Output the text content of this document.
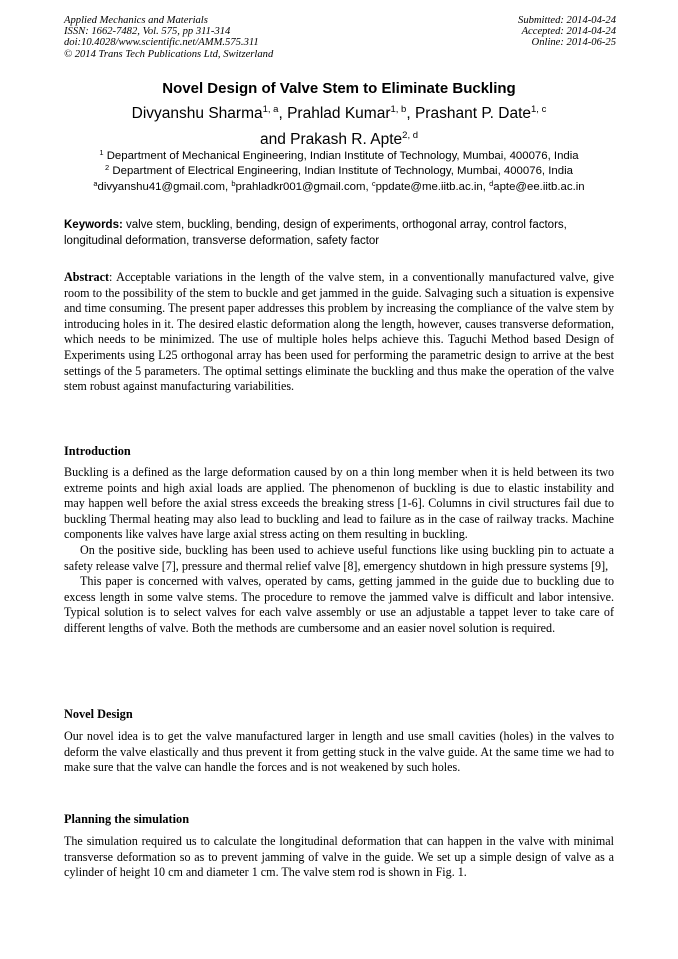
Applied Mechanics and Materials
ISSN: 1662-7482, Vol. 575, pp 311-314
doi:10.4028/www.scientific.net/AMM.575.311
© 2014 Trans Tech Publications Ltd, Switzerland
Submitted: 2014-04-24
Accepted: 2014-04-24
Online: 2014-06-25
Novel Design of Valve Stem to Eliminate Buckling
Divyanshu Sharma$^{1, a}$, Prahlad Kumar$^{1, b}$, Prashant P. Date$^{1, c}$
and Prakash R. Apte$^{2, d}$
$^1$ Department of Mechanical Engineering, Indian Institute of Technology, Mumbai, 400076, India
$^2$ Department of Electrical Engineering, Indian Institute of Technology, Mumbai, 400076, India
$^a$divyanshu41@gmail.com, $^b$prahladkr001@gmail.com, $^c$ppdate@me.iitb.ac.in, $^d$apte@ee.iitb.ac.in
Keywords: valve stem, buckling, bending, design of experiments, orthogonal array, control factors, longitudinal deformation, transverse deformation, safety factor
Abstract: Acceptable variations in the length of the valve stem, in a conventionally manufactured valve, give room to the possibility of the stem to buckle and get jammed in the guide. Salvaging such a situation is expensive and time consuming. The present paper addresses this problem by increasing the compliance of the valve stem by introducing holes in it. The desired elastic deformation along the length, however, causes transverse deformation, which needs to be minimized. The use of multiple holes helps achieve this. Taguchi Method based Design of Experiments using L25 orthogonal array has been used for performing the parametric design to arrive at the best settings of the 5 parameters. The optimal settings eliminate the buckling and thus make the operation of the valve stem robust against manufacturing variabilities.
Introduction

Buckling is a defined as the large deformation caused by on a thin long member when it is held between its two extreme points and high axial loads are applied. The phenomenon of buckling is due to elastic instability and may happen well before the axial stress exceeds the breaking stress [1-6]. Columns in civil structures fail due to buckling Thermal heating may also lead to buckling and lead to failure as in the case of railway tracks. Machine components like valves have large axial stress acting on them resulting in buckling.

On the positive side, buckling has been used to achieve useful functions like using buckling pin to actuate a safety release valve [7], pressure and thermal relief valve [8], emergency shutdown in high pressure systems [9],

This paper is concerned with valves, operated by cams, getting jammed in the guide due to buckling due to excess length in some valve stems. The procedure to remove the jammed valve is difficult and labor intensive. Typical solution is to select valves for each valve assembly or use an adjustable a tappet lever to take care of different lengths of valve. Both the methods are cumbersome and an easier novel solution is required.

Novel Design

Our novel idea is to get the valve manufactured larger in length and use small cavities (holes) in the valves to deform the valve elastically and thus prevent it from getting stuck in the valve guide. At the same time we had to make sure that the valve can handle the forces and is not weakened by such holes.

Planning the simulation

The simulation required us to calculate the longitudinal deformation that can happen in the valve with minimal transverse deformation so as to prevent jamming of valve in the guide. We set up a simple design of valve as a cylinder of height 10 cm and diameter 1 cm. The valve stem rod is shown in Fig. 1.
